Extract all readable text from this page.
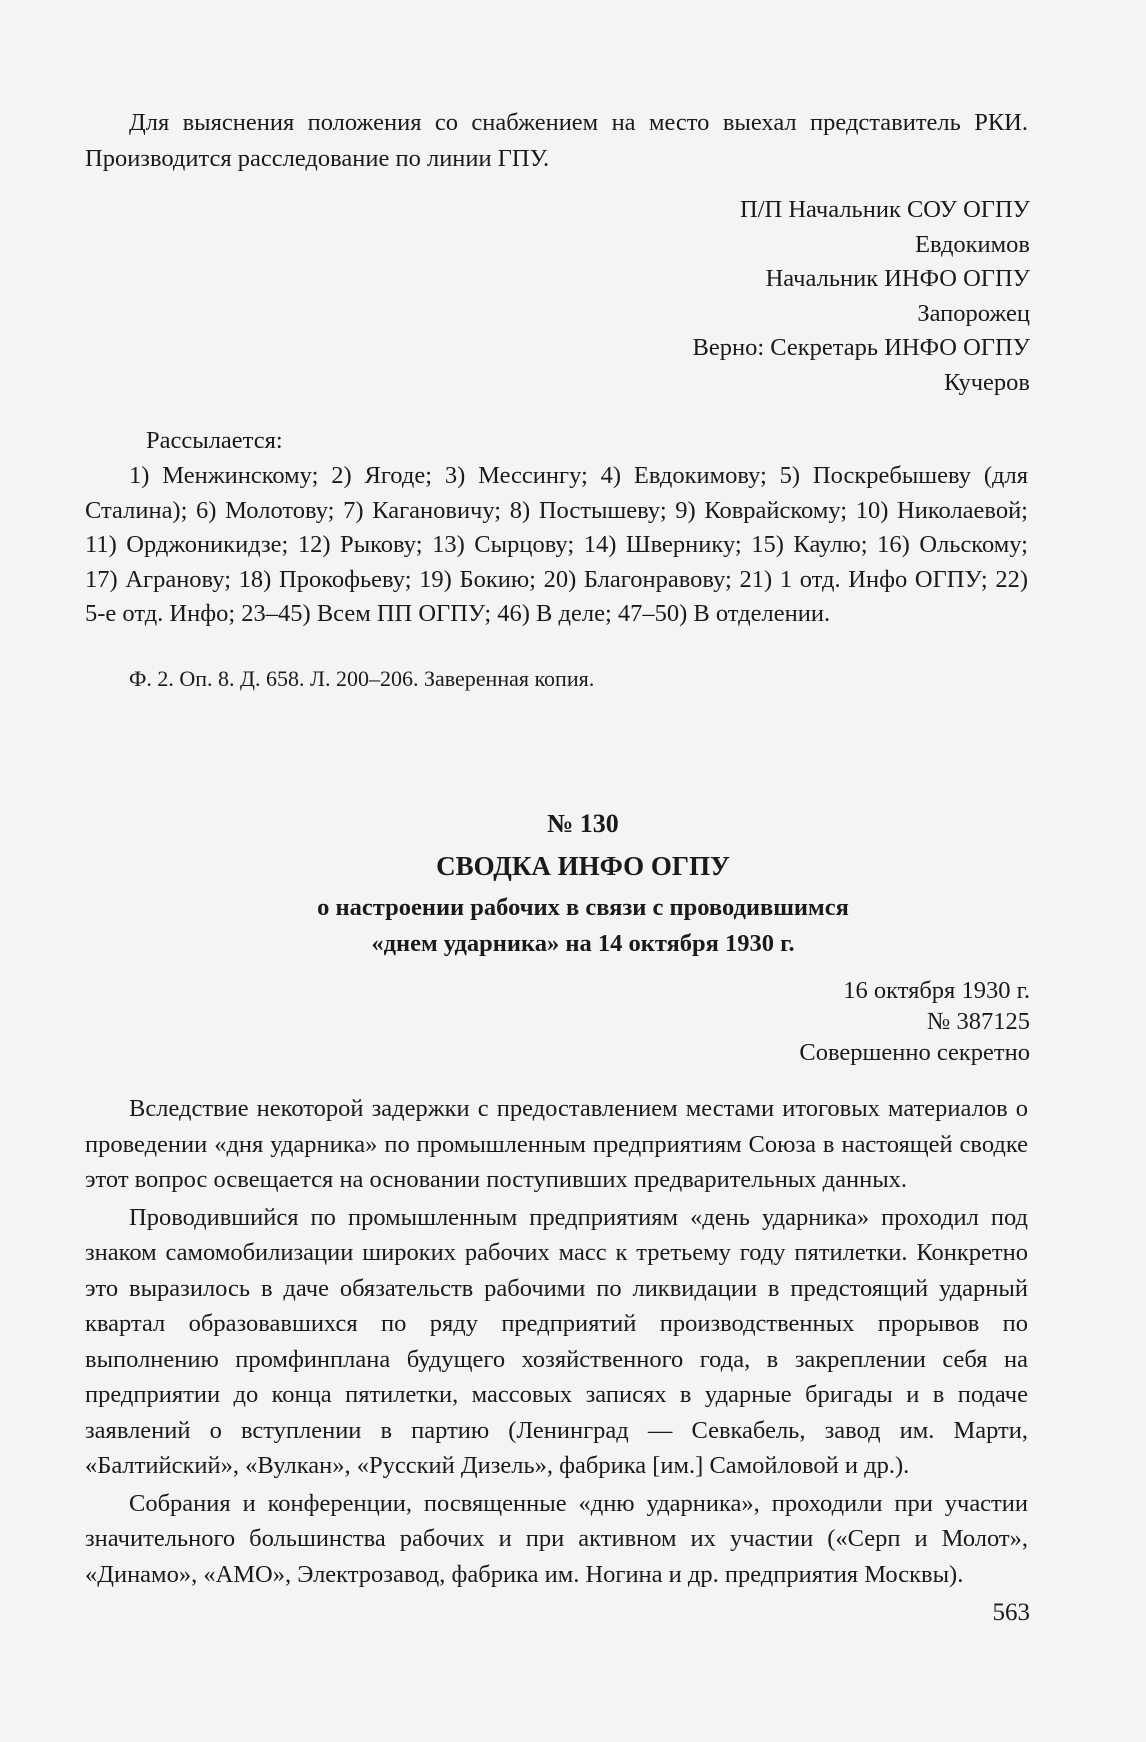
Для выяснения положения со снабжением на место выехал представитель РКИ. Производится расследование по линии ГПУ.

П/П Начальник СОУ ОГПУ
Евдокимов
Начальник ИНФО ОГПУ
Запорожец
Верно: Секретарь ИНФО ОГПУ
Кучеров
Рассылается:

1) Менжинскому; 2) Ягоде; 3) Мессингу; 4) Евдокимову; 5) Поскребышеву (для Сталина); 6) Молотову; 7) Кагановичу; 8) Постышеву; 9) Коврайскому; 10) Николаевой; 11) Орджоникидзе; 12) Рыкову; 13) Сырцову; 14) Швернику; 15) Каулю; 16) Ольскому; 17) Агранову; 18) Прокофьеву; 19) Бокию; 20) Благонравову; 21) 1 отд. Инфо ОГПУ; 22) 5-е отд. Инфо; 23–45) Всем ПП ОГПУ; 46) В деле; 47–50) В отделении.

Ф. 2. Оп. 8. Д. 658. Л. 200–206. Заверенная копия.
№ 130
СВОДКА ИНФО ОГПУ
о настроении рабочих в связи с проводившимся
«днем ударника» на 14 октября 1930 г.
16 октября 1930 г.
№ 387125
Совершенно секретно

Вследствие некоторой задержки с предоставлением местами итоговых материалов о проведении «дня ударника» по промышленным предприятиям Союза в настоящей сводке этот вопрос освещается на основании поступивших предварительных данных.

Проводившийся по промышленным предприятиям «день ударника» проходил под знаком самомобилизации широких рабочих масс к третьему году пятилетки. Конкретно это выразилось в даче обязательств рабочими по ликвидации в предстоящий ударный квартал образовавшихся по ряду предприятий производственных прорывов по выполнению промфинплана будущего хозяйственного года, в закреплении себя на предприятии до конца пятилетки, массовых записях в ударные бригады и в подаче заявлений о вступлении в партию (Ленинград — Севкабель, завод им. Марти, «Балтийский», «Вулкан», «Русский Дизель», фабрика [им.] Самойловой и др.).

Собрания и конференции, посвященные «дню ударника», проходили при участии значительного большинства рабочих и при активном их участии («Серп и Молот», «Динамо», «АМО», Электрозавод, фабрика им. Ногина и др. предприятия Москвы).

563
